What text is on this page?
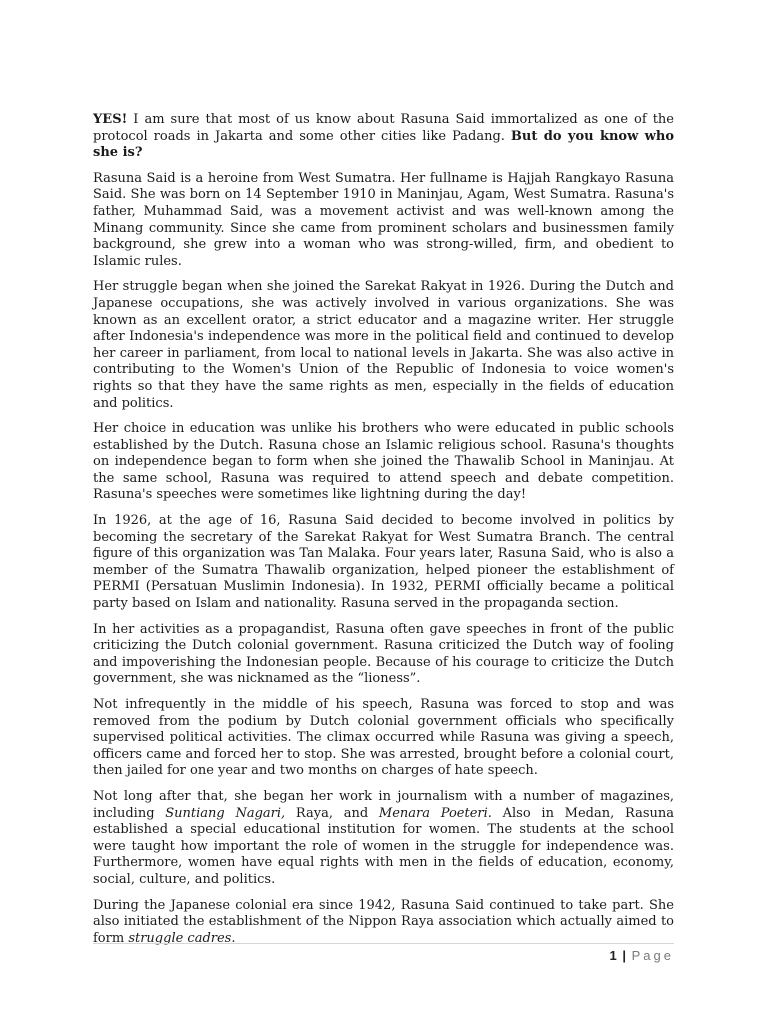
YES! I am sure that most of us know about Rasuna Said immortalized as one of the protocol roads in Jakarta and some other cities like Padang. But do you know who she is?

Rasuna Said is a heroine from West Sumatra. Her fullname is Hajjah Rangkayo Rasuna Said. She was born on 14 September 1910 in Maninjau, Agam, West Sumatra. Rasuna's father, Muhammad Said, was a movement activist and was well-known among the Minang community. Since she came from prominent scholars and businessmen family background, she grew into a woman who was strong-willed, firm, and obedient to Islamic rules.

Her struggle began when she joined the Sarekat Rakyat in 1926. During the Dutch and Japanese occupations, she was actively involved in various organizations. She was known as an excellent orator, a strict educator and a magazine writer. Her struggle after Indonesia's independence was more in the political field and continued to develop her career in parliament, from local to national levels in Jakarta. She was also active in contributing to the Women's Union of the Republic of Indonesia to voice women's rights so that they have the same rights as men, especially in the fields of education and politics.

Her choice in education was unlike his brothers who were educated in public schools established by the Dutch. Rasuna chose an Islamic religious school. Rasuna's thoughts on independence began to form when she joined the Thawalib School in Maninjau. At the same school, Rasuna was required to attend speech and debate competition. Rasuna's speeches were sometimes like lightning during the day!

In 1926, at the age of 16, Rasuna Said decided to become involved in politics by becoming the secretary of the Sarekat Rakyat for West Sumatra Branch. The central figure of this organization was Tan Malaka. Four years later, Rasuna Said, who is also a member of the Sumatra Thawalib organization, helped pioneer the establishment of PERMI (Persatuan Muslimin Indonesia). In 1932, PERMI officially became a political party based on Islam and nationality. Rasuna served in the propaganda section.

In her activities as a propagandist, Rasuna often gave speeches in front of the public criticizing the Dutch colonial government. Rasuna criticized the Dutch way of fooling and impoverishing the Indonesian people. Because of his courage to criticize the Dutch government, she was nicknamed as the “lioness”.

Not infrequently in the middle of his speech, Rasuna was forced to stop and was removed from the podium by Dutch colonial government officials who specifically supervised political activities. The climax occurred while Rasuna was giving a speech, officers came and forced her to stop. She was arrested, brought before a colonial court, then jailed for one year and two months on charges of hate speech.

Not long after that, she began her work in journalism with a number of magazines, including Suntiang Nagari, Raya, and Menara Poeteri. Also in Medan, Rasuna established a special educational institution for women. The students at the school were taught how important the role of women in the struggle for independence was. Furthermore, women have equal rights with men in the fields of education, economy, social, culture, and politics.

During the Japanese colonial era since 1942, Rasuna Said continued to take part. She also initiated the establishment of the Nippon Raya association which actually aimed to form struggle cadres.

1 | Page
